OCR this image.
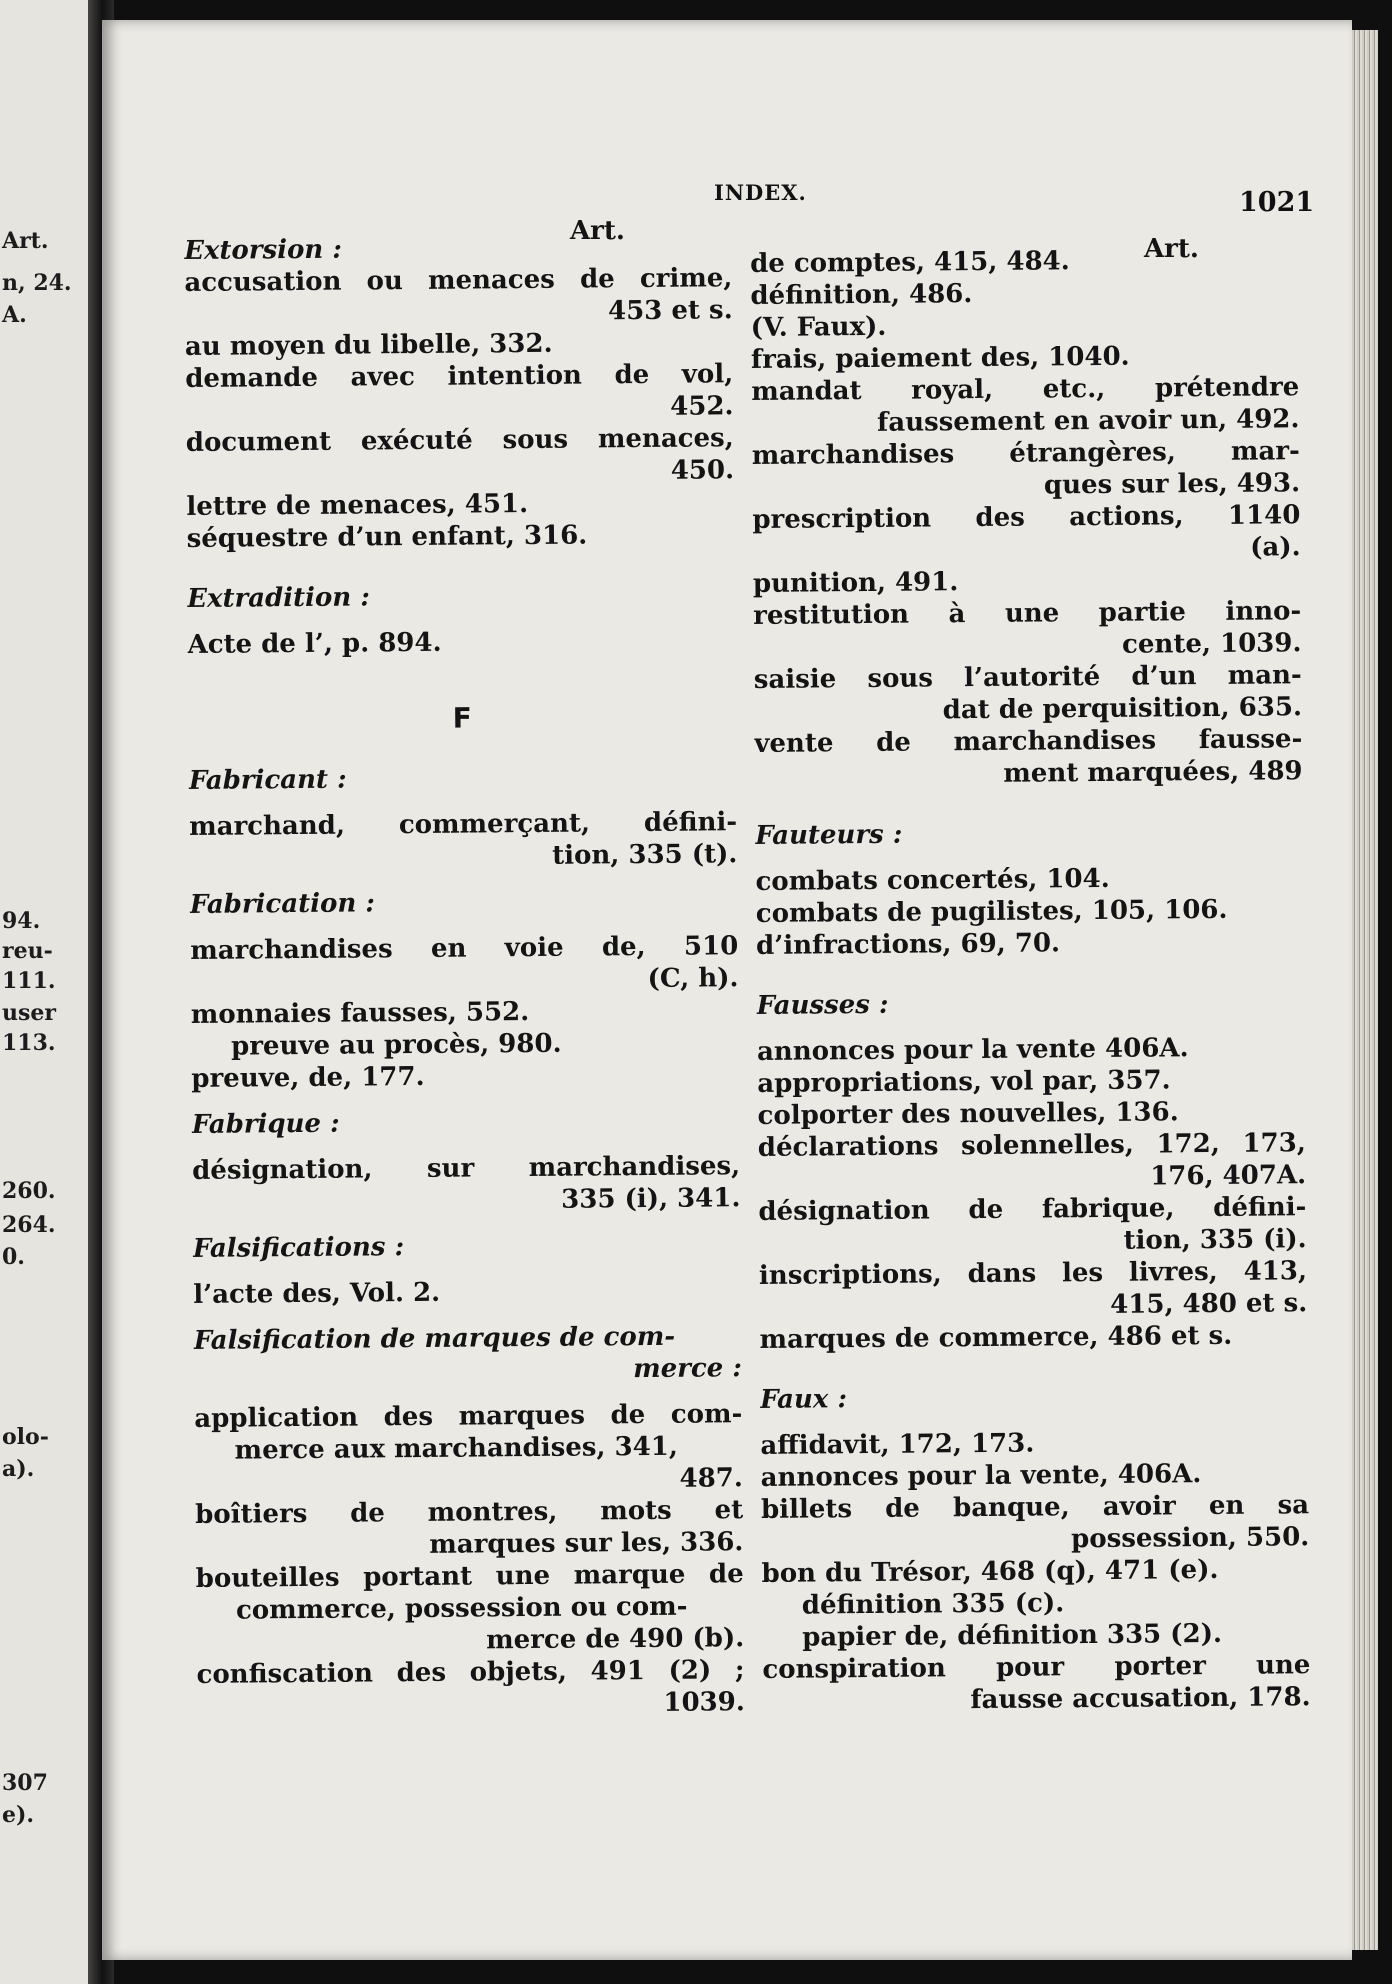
Art.
n, 24.
A.
94.
reu-
111.
user
113.
260.
264.
0.
olo-
a).
307
e).
INDEX.	1021
Art.
Art.
Extorsion :
accusation ou menaces de crime,
453 et s.
au moyen du libelle, 332.
demande avec intention de vol,
452.
document exécuté sous menaces,
450.
lettre de menaces, 451.
séquestre d’un enfant, 316.
Extradition :
Acte de l’, p. 894.
F
Fabricant :
marchand, commerçant, défini-
tion, 335 (t).
Fabrication :
marchandises en voie de, 510
(C, h).
monnaies fausses, 552.
preuve au procès, 980.
preuve, de, 177.
Fabrique :
désignation, sur marchandises,
335 (i), 341.
Falsifications :
l’acte des, Vol. 2.
Falsification de marques de com-
merce :
application des marques de com-
merce aux marchandises, 341,
487.
boîtiers de montres, mots et
marques sur les, 336.
bouteilles portant une marque de
commerce, possession ou com-
merce de 490 (b).
confiscation des objets, 491 (2) ;
1039.
de comptes, 415, 484.
définition, 486.
(V. Faux).
frais, paiement des, 1040.
mandat royal, etc., prétendre
faussement en avoir un, 492.
marchandises étrangères, mar-
ques sur les, 493.
prescription des actions, 1140
(a).
punition, 491.
restitution à une partie inno-
cente, 1039.
saisie sous l’autorité d’un man-
dat de perquisition, 635.
vente de marchandises fausse-
ment marquées, 489
Fauteurs :
combats concertés, 104.
combats de pugilistes, 105, 106.
d’infractions, 69, 70.
Fausses :
annonces pour la vente 406A.
appropriations, vol par, 357.
colporter des nouvelles, 136.
déclarations solennelles, 172, 173,
176, 407A.
désignation de fabrique, défini-
tion, 335 (i).
inscriptions, dans les livres, 413,
415, 480 et s.
marques de commerce, 486 et s.
Faux :
affidavit, 172, 173.
annonces pour la vente, 406A.
billets de banque, avoir en sa
possession, 550.
bon du Trésor, 468 (q), 471 (e).
définition 335 (c).
papier de, définition 335 (2).
conspiration pour porter une
fausse accusation, 178.
